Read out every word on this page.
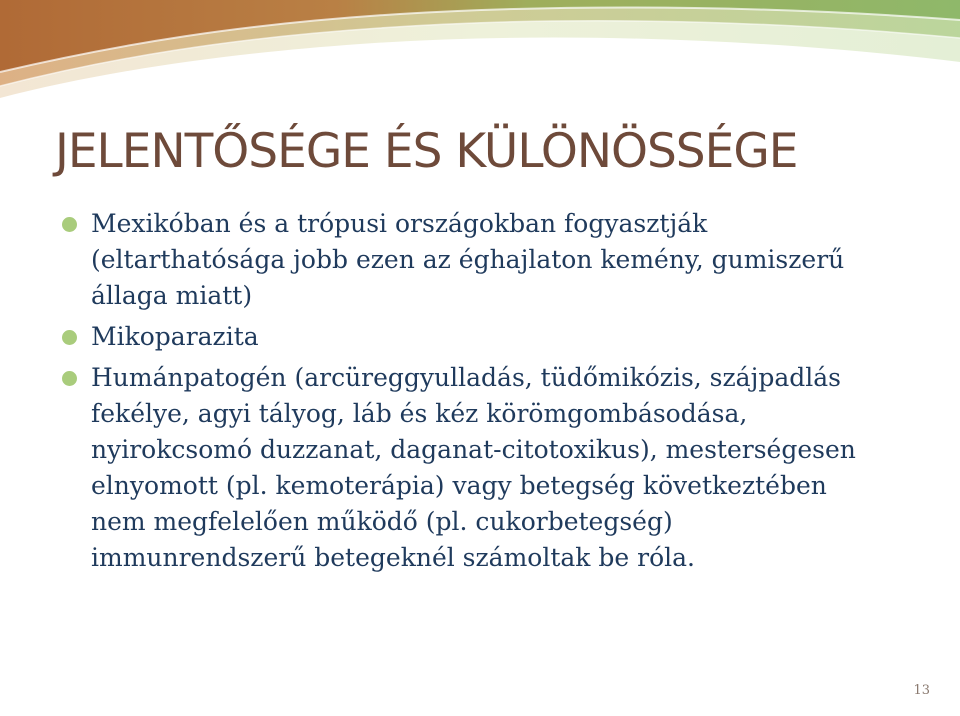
JELENTŐSÉGE ÉS KÜLÖNÖSSÉGE
Mexikóban és a trópusi országokban fogyasztják (eltarthatósága jobb ezen az éghajlaton kemény, gumiszerű állaga miatt)
Mikoparazita
Humánpatogén (arcüreggyulladás, tüdőmikózis, szájpadlás fekélye, agyi tályog, láb és kéz körömgombásodása, nyirokcsomó duzzanat, daganat-citotoxikus), mesterségesen elnyomott (pl. kemoterápia) vagy betegség következtében nem megfelelően működő (pl. cukorbetegség) immunrendszerű betegeknél számoltak be róla.
13
